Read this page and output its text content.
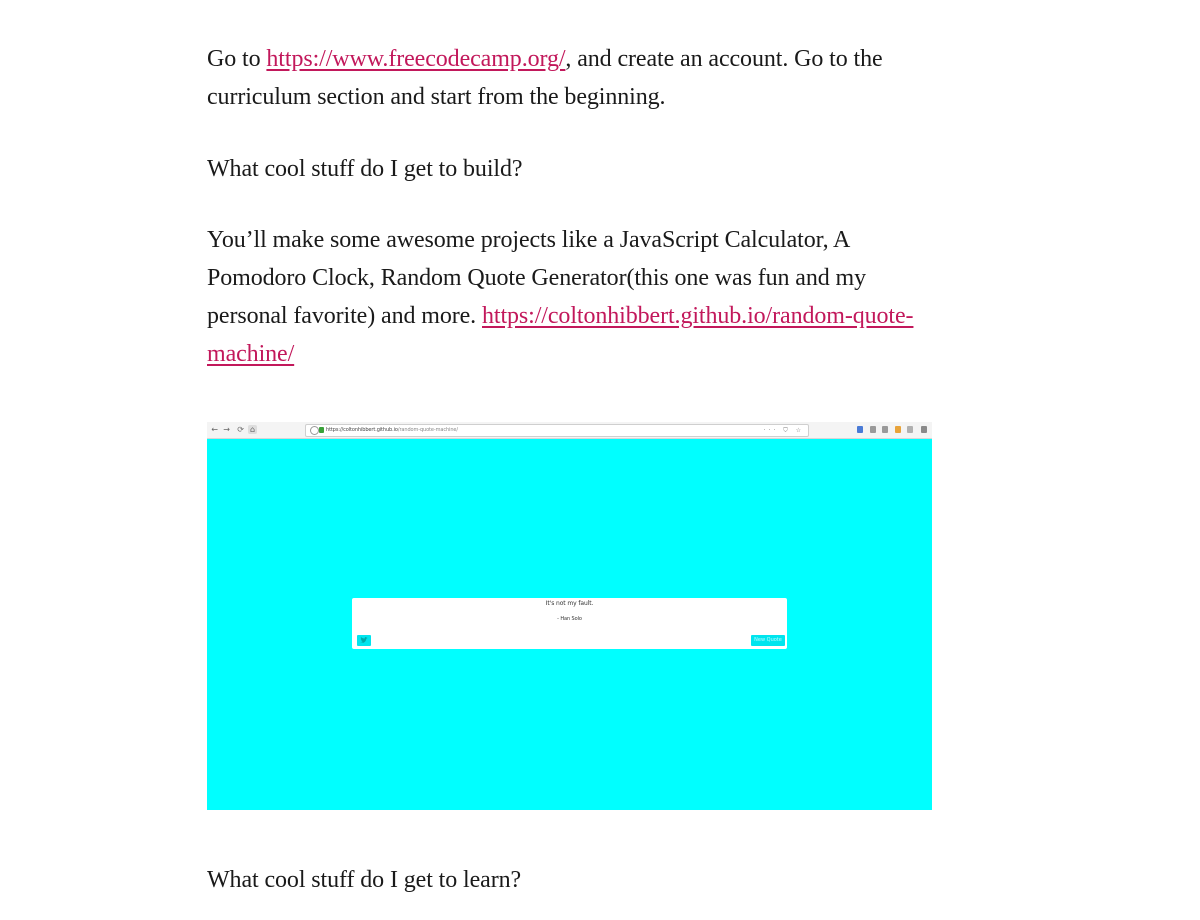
Go to https://www.freecodecamp.org/, and create an account. Go to the curriculum section and start from the beginning.

What cool stuff do I get to build?

You’ll make some awesome projects like a JavaScript Calculator, A Pomodoro Clock, Random Quote Generator(this one was fun and my personal favorite) and more. https://coltonhibbert.github.io/random-quote-machine/

← → ⟳ ⌂	https://coltonhibbert.github.io/random-quote-machine/	··· ⛉ ☆
It's not my fault.
- Han Solo
New Quote

What cool stuff do I get to learn?
